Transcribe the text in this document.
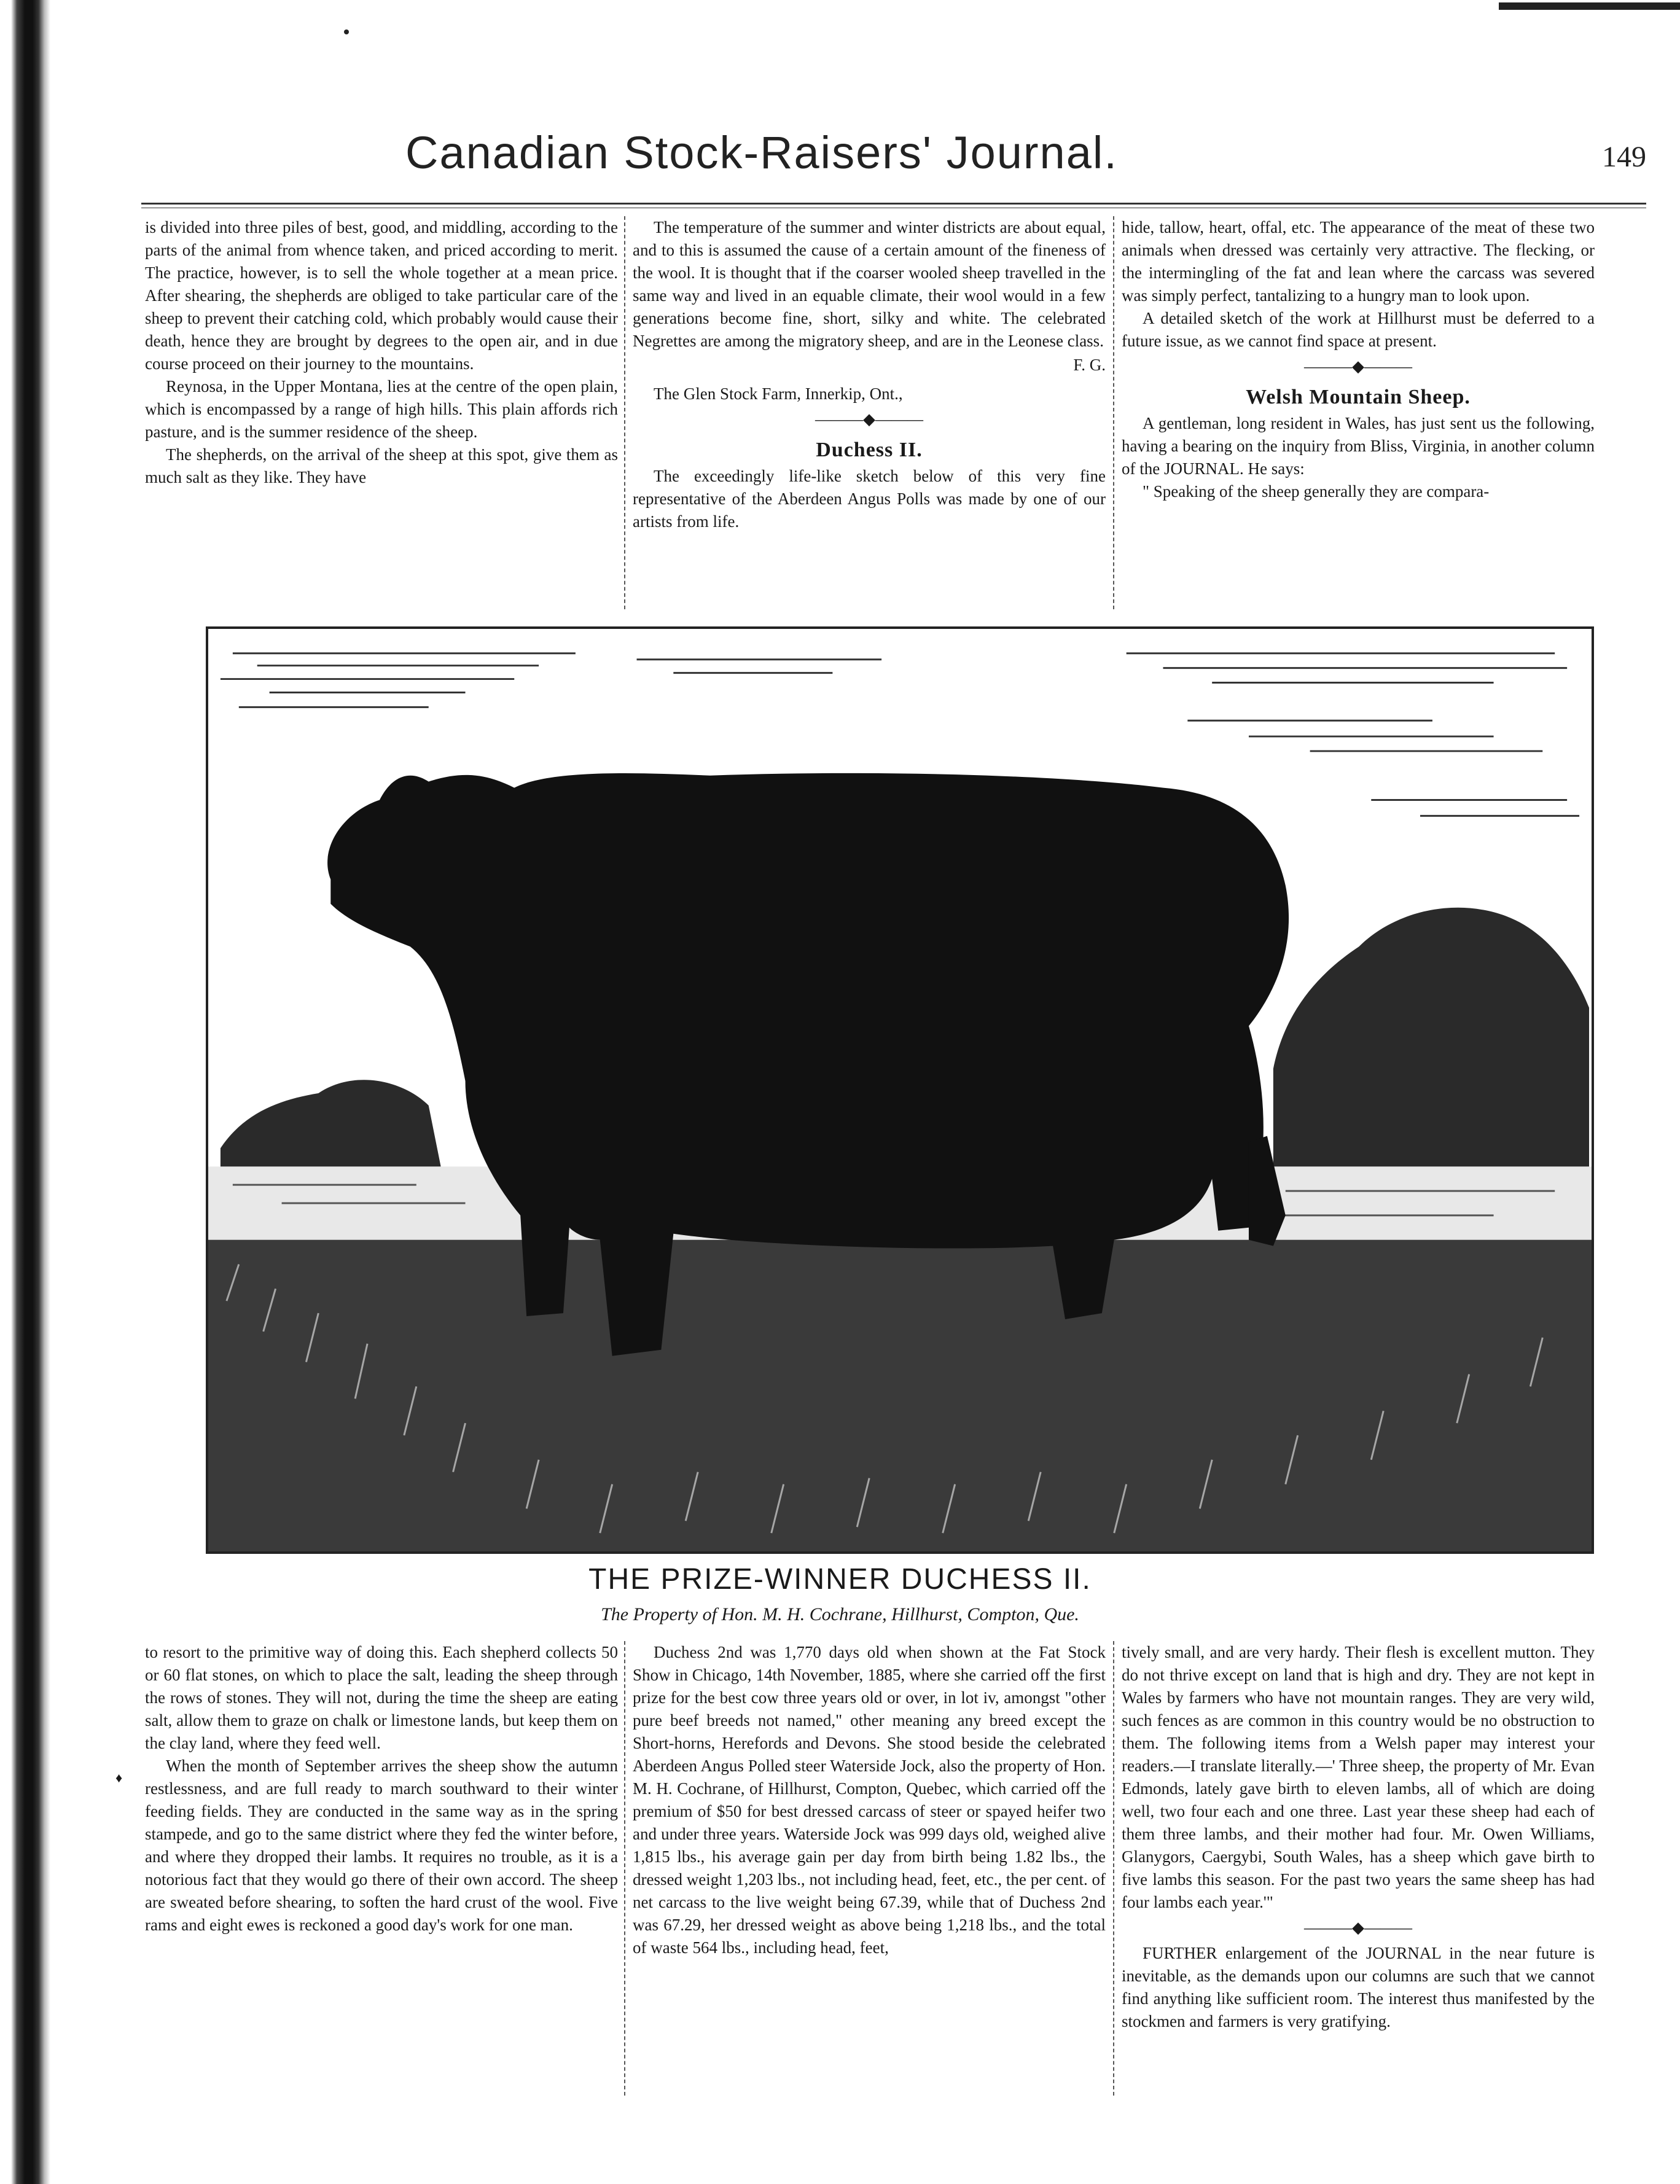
Canadian Stock-Raisers' Journal.	149

is divided into three piles of best, good, and middling, according to the parts of the animal from whence taken, and priced according to merit. The practice, however, is to sell the whole together at a mean price. After shearing, the shepherds are obliged to take particular care of the sheep to prevent their catching cold, which probably would cause their death, hence they are brought by degrees to the open air, and in due course proceed on their journey to the mountains.

Reynosa, in the Upper Montana, lies at the centre of the open plain, which is encompassed by a range of high hills. This plain affords rich pasture, and is the summer residence of the sheep.

The shepherds, on the arrival of the sheep at this spot, give them as much salt as they like. They have

The temperature of the summer and winter districts are about equal, and to this is assumed the cause of a certain amount of the fineness of the wool. It is thought that if the coarser wooled sheep travelled in the same way and lived in an equable climate, their wool would in a few generations become fine, short, silky and white. The celebrated Negrettes are among the migratory sheep, and are in the Leonese class.

F. G.
The Glen Stock Farm, Innerkip, Ont.,
———◆———
Duchess II.

The exceedingly life-like sketch below of this very fine representative of the Aberdeen Angus Polls was made by one of our artists from life.

hide, tallow, heart, offal, etc. The appearance of the meat of these two animals when dressed was certainly very attractive. The flecking, or the intermingling of the fat and lean where the carcass was severed was simply perfect, tantalizing to a hungry man to look upon.

A detailed sketch of the work at Hillhurst must be deferred to a future issue, as we cannot find space at present.

———◆———
Welsh Mountain Sheep.

A gentleman, long resident in Wales, has just sent us the following, having a bearing on the inquiry from Bliss, Virginia, in another column of the JOURNAL. He says:

" Speaking of the sheep generally they are compara-

THE PRIZE-WINNER DUCHESS II.
The Property of Hon. M. H. Cochrane, Hillhurst, Compton, Que.

to resort to the primitive way of doing this. Each shepherd collects 50 or 60 flat stones, on which to place the salt, leading the sheep through the rows of stones. They will not, during the time the sheep are eating salt, allow them to graze on chalk or limestone lands, but keep them on the clay land, where they feed well.

When the month of September arrives the sheep show the autumn restlessness, and are full ready to march southward to their winter feeding fields. They are conducted in the same way as in the spring stampede, and go to the same district where they fed the winter before, and where they dropped their lambs. It requires no trouble, as it is a notorious fact that they would go there of their own accord. The sheep are sweated before shearing, to soften the hard crust of the wool. Five rams and eight ewes is reckoned a good day's work for one man.

Duchess 2nd was 1,770 days old when shown at the Fat Stock Show in Chicago, 14th November, 1885, where she carried off the first prize for the best cow three years old or over, in lot iv, amongst "other pure beef breeds not named," other meaning any breed except the Short-horns, Herefords and Devons. She stood beside the celebrated Aberdeen Angus Polled steer Waterside Jock, also the property of Hon. M. H. Cochrane, of Hillhurst, Compton, Quebec, which carried off the premium of $50 for best dressed carcass of steer or spayed heifer two and under three years. Waterside Jock was 999 days old, weighed alive 1,815 lbs., his average gain per day from birth being 1.82 lbs., the dressed weight 1,203 lbs., not including head, feet, etc., the per cent. of net carcass to the live weight being 67.39, while that of Duchess 2nd was 67.29, her dressed weight as above being 1,218 lbs., and the total of waste 564 lbs., including head, feet,

tively small, and are very hardy. Their flesh is excellent mutton. They do not thrive except on land that is high and dry. They are not kept in Wales by farmers who have not mountain ranges. They are very wild, such fences as are common in this country would be no obstruction to them. The following items from a Welsh paper may interest your readers.—I translate literally.—' Three sheep, the property of Mr. Evan Edmonds, lately gave birth to eleven lambs, all of which are doing well, two four each and one three. Last year these sheep had each of them three lambs, and their mother had four. Mr. Owen Williams, Glanygors, Caergybi, South Wales, has a sheep which gave birth to five lambs this season. For the past two years the same sheep has had four lambs each year.'"

———◆———

FURTHER enlargement of the JOURNAL in the near future is inevitable, as the demands upon our columns are such that we cannot find anything like sufficient room. The interest thus manifested by the stockmen and farmers is very gratifying.

♦
